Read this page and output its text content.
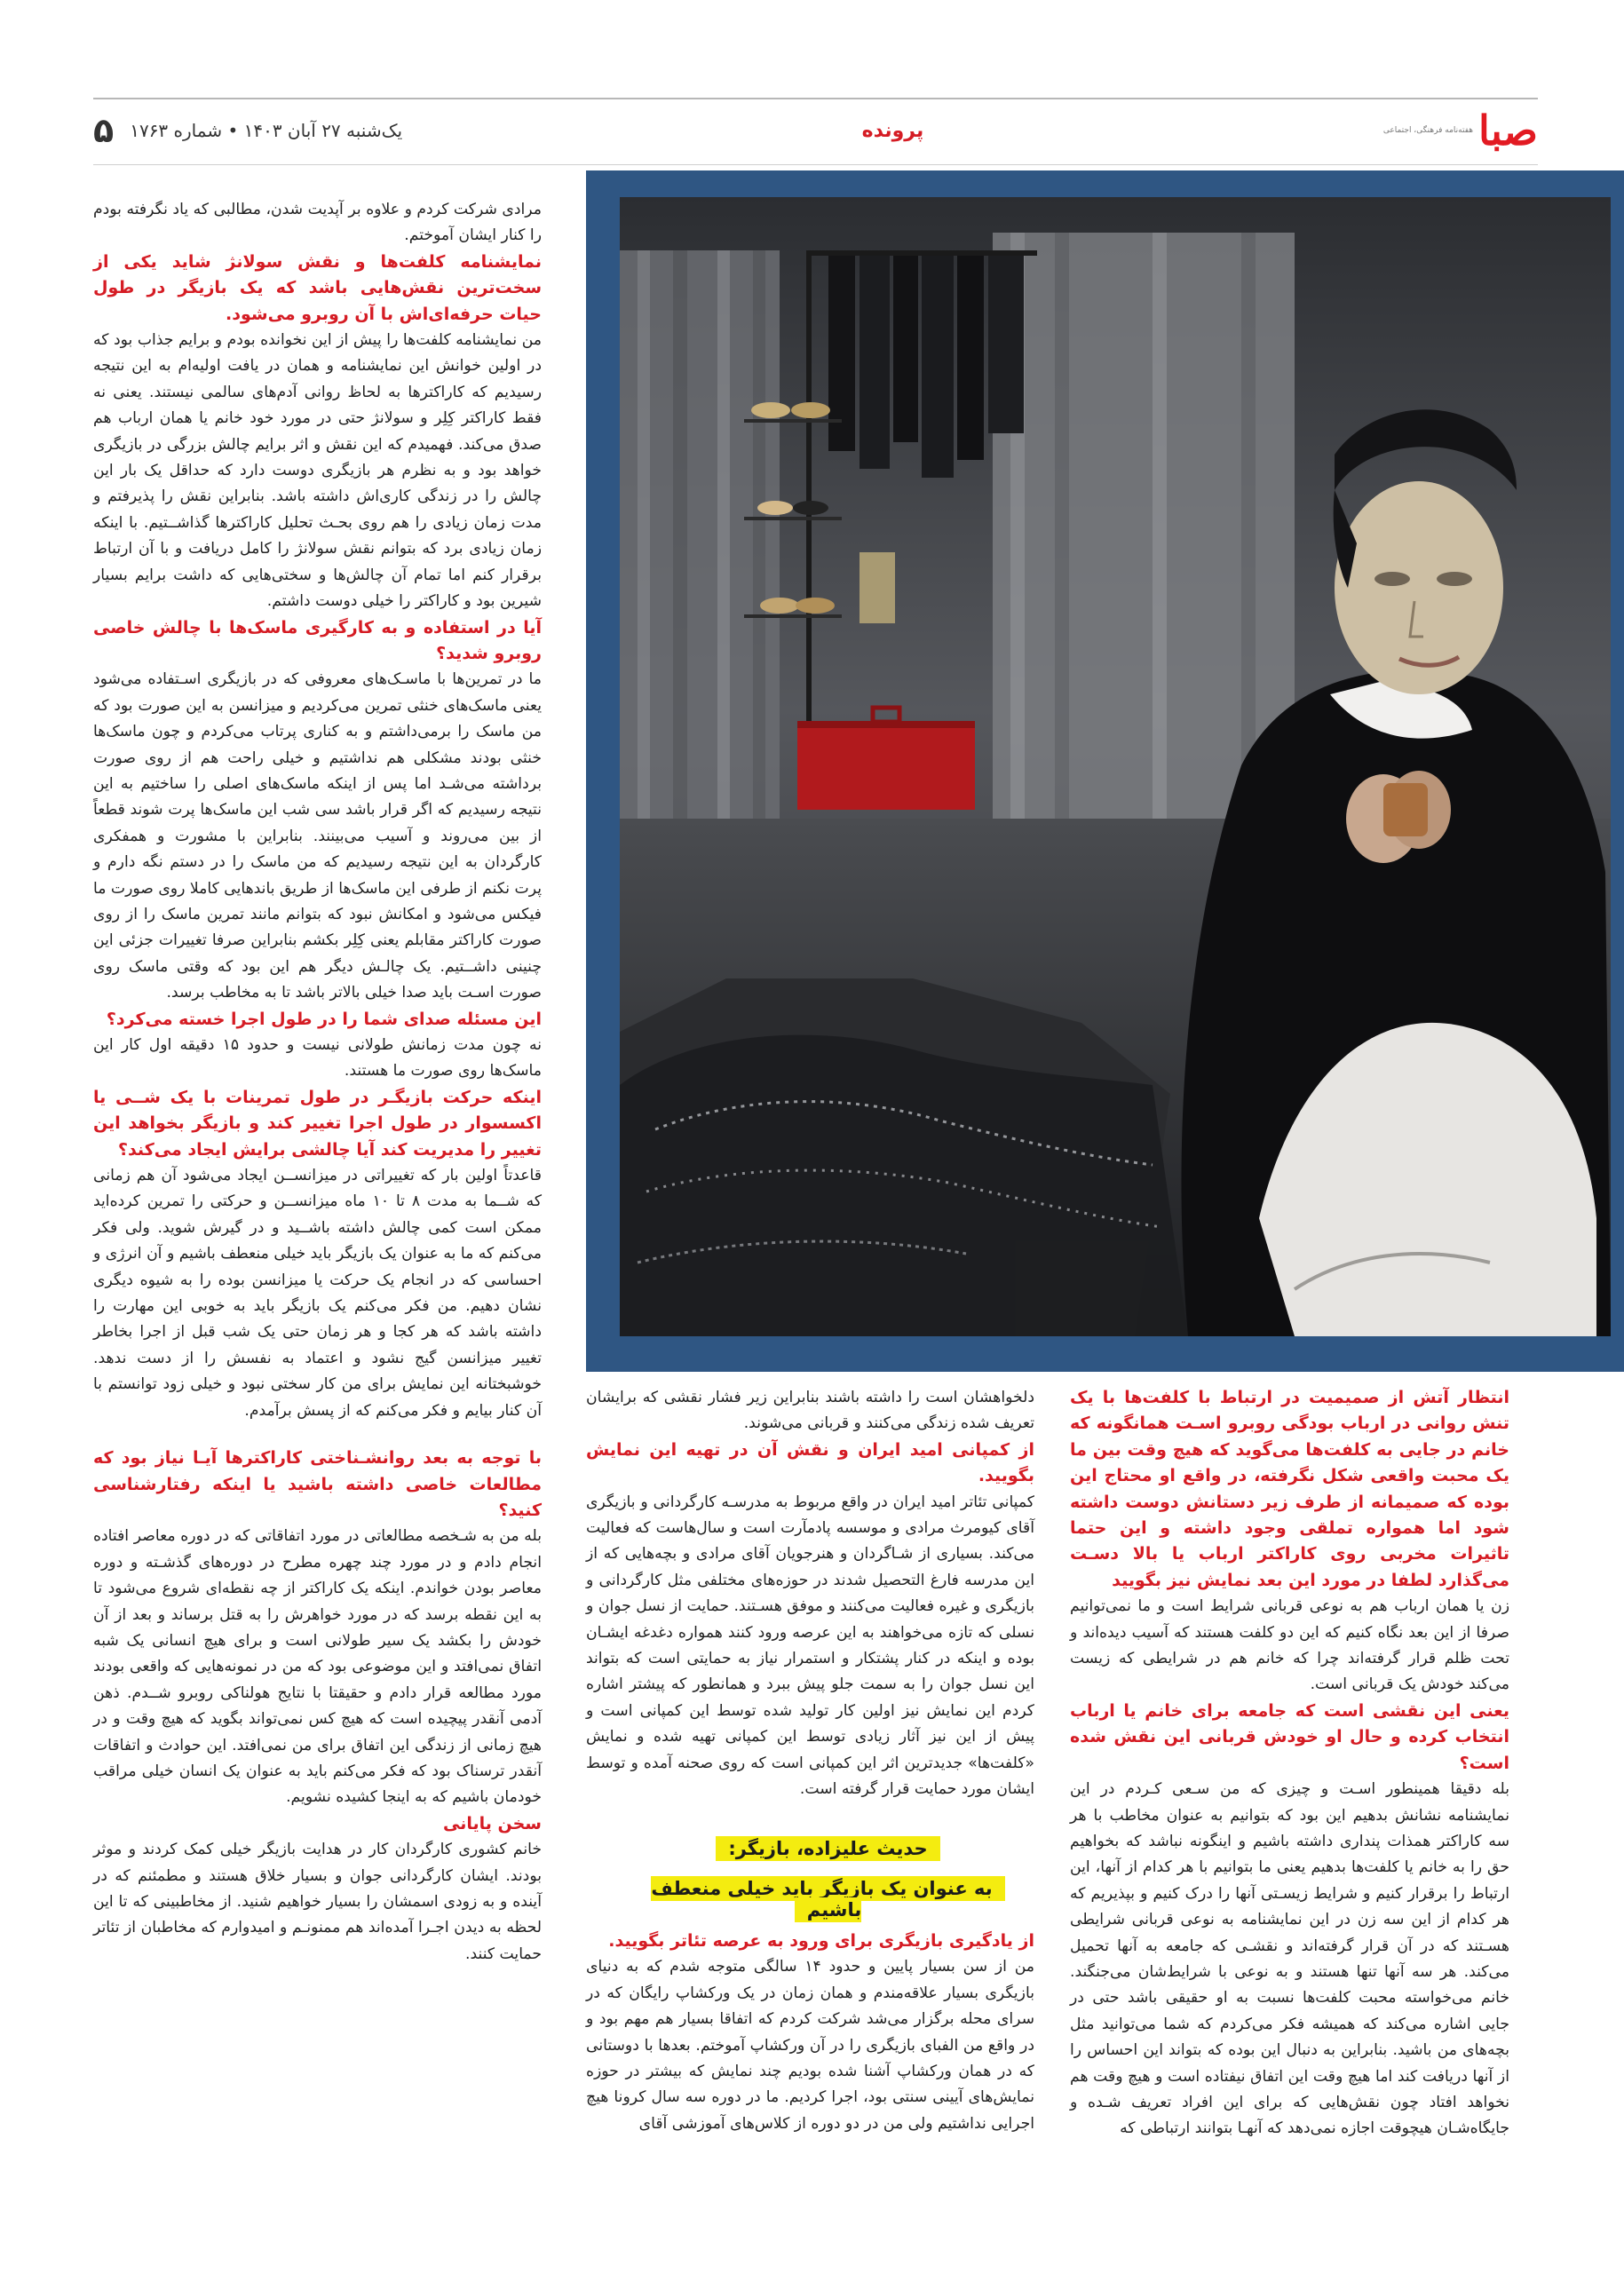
یک‌شنبه ۲۷ آبان ۱۴۰۳ • شماره ۱۷۶۳
۵	پرونده	هفته‌نامه فرهنگی، اجتماعی صبا

مرادی شرکت کردم و علاوه بر آپدیت شدن، مطالبی که یاد نگرفته بودم را کنار ایشان آموختم.

نمایشنامه کلفت‌ها و نقش سولانژ شاید یکی از سخت‌ترین نقش‌هایی باشد که یک بازیگر در طول حیات حرفه‌ای‌اش با آن روبرو می‌شود.

من نمایشنامه کلفت‌ها را پیش از این نخوانده بودم و برایم جذاب بود که در اولین خوانش این نمایشنامه و همان در یافت اولیه‌ام به این نتیجه رسیدیم که کاراکترها به لحاظ روانی آدم‌های سالمی نیستند. یعنی نه فقط کاراکتر کِلِر و سولانژ حتی در مورد خود خانم یا همان ارباب هم صدق می‌کند. فهمیدم که این نقش و اثر برایم چالش بزرگی در بازیگری خواهد بود و به نظرم هر بازیگری دوست دارد که حداقل یک بار این چالش را در زندگی کاری‌اش داشته باشد. بنابراین نقش را پذیرفتم و مدت زمان زیادی را هم روی بحـث تحلیل کاراکترها گذاشــتیم. با اینکه زمان زیادی برد که بتوانم نقش سولانژ را کامل دریافت و با آن ارتباط برقرار کنم اما تمام آن چالش‌ها و سختی‌هایی که داشت برایم بسیار شیرین بود و کاراکتر را خیلی دوست داشتم.

آیا در استفاده و به کارگیری ماسک‌ها با چالش خاصی روبرو شدید؟

ما در تمرین‌ها با ماسـک‌های معروفی که در بازیگری اسـتفاده می‌شود یعنی ماسک‌های خنثی تمرین می‌کردیم و میزانسن به این صورت بود که من ماسک را برمی‌داشتم و به کناری پرتاب می‌کردم و چون ماسک‌ها خنثی بودند مشکلی هم نداشتیم و خیلی راحت هم از روی صورت برداشته می‌شـد اما پس از اینکه ماسک‌های اصلی را ساختیم به این نتیجه رسیدیم که اگر قرار باشد سی شب این ماسک‌ها پرت شوند قطعاً از بین می‌روند و آسیب می‌بینند. بنابراین با مشورت و همفکری کارگردان به این نتیجه رسیدیم که من ماسک را در دستم نگه دارم و پرت نکنم از طرفی این ماسک‌ها از طریق باندهایی کاملا روی صورت ما فیکس می‌شود و امکانش نبود که بتوانم مانند تمرین ماسک را از روی صورت کاراکتر مقابلم یعنی کِلِر بکشم بنابراین صرفا تغییرات جزئی این چنینی داشــتیم. یک چالـش دیگر هم این بود که وقتی ماسک روی صورت اسـت باید صدا خیلی بالاتر باشد تا به مخاطب برسد.

این مسئله صدای شما را در طول اجرا خسته می‌کرد؟

نه چون مدت زمانش طولانی نیست و حدود ۱۵ دقیقه اول کار این ماسک‌ها روی صورت ما هستند.

اینکه حرکت بازیگـر در طول تمرینات با یک شــی یا اکسسوار در طول اجرا تغییر کند و بازیگر بخواهد این تغییر را مدیریت کند آیا چالشی برایش ایجاد می‌کند؟

قاعدتاً اولین بار که تغییراتی در میزانســن ایجاد می‌شود آن هم زمانی که شــما به مدت ۸ تا ۱۰ ماه میزانســن و حرکتی را تمرین کرده‌اید ممکن است کمی چالش داشته باشــید و در گیرش شوید. ولی فکر می‌کنم که ما به عنوان یک بازیگر باید خیلی منعطف باشیم و آن انرژی و احساسی که در انجام یک حرکت یا میزانسن بوده را به شیوه دیگری نشان دهیم. من فکر می‌کنم یک بازیگر باید به خوبی این مهارت را داشته باشد که هر کجا و هر زمان حتی یک شب قبل از اجرا بخاطر تغییر میزانسن گیج نشود و اعتماد به نفسش را از دست ندهد. خوشبختانه این نمایش برای من کار سختی نبود و خیلی زود توانستم با آن کنار بیایم و فکر می‌کنم که از پسش برآمدم.

با توجه به بعد روانشـناختی کاراکترها آیـا نیاز بود که مطالعات خاصی داشته باشید یا اینکه رفتارشناسی کنید؟

بله من به شـخصه مطالعاتی در مورد اتفاقاتی که در دوره معاصر افتاده انجام دادم و در مورد چند چهره مطرح در دوره‌های گذشـته و دوره معاصر بودن خواندم. اینکه یک کاراکتر از چه نقطه‌ای شروع می‌شود تا به این نقطه برسد که در مورد خواهرش را به قتل برساند و بعد از آن خودش را بکشد یک سیر طولانی است و برای هیچ انسانی یک شبه اتفاق نمی‌افتد و این موضوعی بود که من در نمونه‌هایی که واقعی بودند مورد مطالعه قرار دادم و حقیقتا با نتایج هولناکی روبرو شــدم. ذهن آدمی آنقدر پیچیده است که هیچ کس نمی‌تواند بگوید که هیچ وقت و در هیچ زمانی از زندگی این اتفاق برای من نمی‌افتد. این حوادث و اتفاقات آنقدر ترسناک بود که فکر می‌کنم باید به عنوان یک انسان خیلی مراقب خودمان باشیم که به اینجا کشیده نشویم.

سخن پایانی

خانم کشوری کارگردان کار در هدایت بازیگر خیلی کمک کردند و موثر بودند. ایشان کارگردانی جوان و بسیار خلاق هستند و مطمئنم که در آینده و به زودی اسمشان را بسیار خواهیم شنید. از مخاطبینی که تا این لحظه به دیدن اجـرا آمده‌اند هم ممنونـم و امیدوارم که مخاطبان از تئاتر حمایت کنند.

انتظار آتش از صمیمیت در ارتباط با کلفت‌ها با یک تنش روانی در ارباب بودگی روبرو اسـت همانگونه که خانم در جایی به کلفت‌ها می‌گوید که هیچ وقت بین ما یک محبت واقعی شکل نگرفته، در واقع او محتاج این بوده که صمیمانه از طرف زیر دستانش دوست داشته شود اما همواره تملقی وجود داشته و این حتما تاثیرات مخربی روی کاراکتر ارباب یا بالا دسـت می‌گذارد لطفا در مورد این بعد نمایش نیز بگویید

زن یا همان ارباب هم به نوعی قربانی شرایط است و ما نمی‌توانیم صرفا از این بعد نگاه کنیم که این دو کلفت هستند که آسیب دیده‌اند و تحت ظلم قرار گرفته‌اند چرا که خانم هم در شرایطی که زیست می‌کند خودش یک قربانی است.

یعنی این نقشی است که جامعه برای خانم یا ارباب انتخاب کرده و حال او خودش قربانی این نقش شده است؟

بله دقیقا همینطور اسـت و چیزی که من سـعی کـردم در این نمایشنامه نشانش بدهیم این بود که بتوانیم به عنوان مخاطب با هر سه کاراکتر همذات پنداری داشته باشیم و اینگونه نباشد که بخواهیم حق را به خانم یا کلفت‌ها بدهیم یعنی ما بتوانیم با هر کدام از آنها، این ارتباط را برقرار کنیم و شرایط زیسـتی آنها را درک کنیم و بپذیریم که هر کدام از این سه زن در این نمایشنامه به نوعی قربانی شرایطی هسـتند که در آن قرار گرفته‌اند و نقشـی که جامعه به آنها تحمیل می‌کند. هر سه آنها تنها هستند و به نوعی با شرایط‌شان می‌جنگند. خانم می‌خواسته محبت کلفت‌ها نسبت به او حقیقی باشد حتی در جایی اشاره می‌کند که همیشه فکر می‌کردم که شما می‌توانید مثل بچه‌های من باشید. بنابراین به دنبال این بوده که بتواند این احساس را از آنها دریافت کند اما هیچ وقت این اتفاق نیفتاده است و هیچ وقت هم نخواهد افتاد چون نقش‌هایی که برای این افراد تعریف شـده و جایگاه‌شـان هیچوقت اجازه نمی‌دهد که آنهـا بتوانند ارتباطی که

دلخواهشان است را داشته باشند بنابراین زیر فشار نقشی که برایشان تعریف شده زندگی می‌کنند و قربانی می‌شوند.

از کمپانی امید ایران و نقش آن در تهیه این نمایش بگویید.

کمپانی تئاتر امید ایران در واقع مربوط به مدرسـه کارگردانی و بازیگری آقای کیومرث مرادی و موسسه پادمآرت است و سال‌هاست که فعالیت می‌کند. بسیاری از شـاگردان و هنرجویان آقای مرادی و بچه‌هایی که از این مدرسه فارغ التحصیل شدند در حوزه‌های مختلفی مثل کارگردانی و بازیگری و غیره فعالیت می‌کنند و موفق هسـتند. حمایت از نسل جوان و نسلی که تازه می‌خواهند به این عرصه ورود کنند همواره دغدغه ایشـان بوده و اینکه در کنار پشتکار و استمرار نیاز به حمایتی است که بتواند این نسل جوان را به سمت جلو پیش ببرد و همانطور که پیشتر اشاره کردم این نمایش نیز اولین کار تولید شده توسط این کمپانی است و پیش از این نیز آثار زیادی توسط این کمپانی تهیه شده و نمایش «کلفت‌ها» جدیدترین اثر این کمپانی است که روی صحنه آمده و توسط ایشان مورد حمایت قرار گرفته است.

حدیث علیزاده، بازیگر:
به عنوان یک بازیگر باید خیلی منعطف باشیم

از یادگیری بازیگری برای ورود به عرصه تئاتر بگویید.

من از سن بسیار پایین و حدود ۱۴ سالگی متوجه شدم که به دنیای بازیگری بسیار علاقه‌مندم و همان زمان در یک ورکشاپ رایگان که در سرای محله برگزار می‌شد شرکت کردم که اتفاقا بسیار هم مهم بود و در واقع من الفبای بازیگری را در آن ورکشاپ آموختم. بعدها با دوستانی که در همان ورکشاپ آشنا شده بودیم چند نمایش که بیشتر در حوزه نمایش‌های آیینی سنتی بود، اجرا کردیم. ما در دوره سه سال کرونا هیچ اجرایی نداشتیم ولی من در دو دوره از کلاس‌های آموزشی آقای
